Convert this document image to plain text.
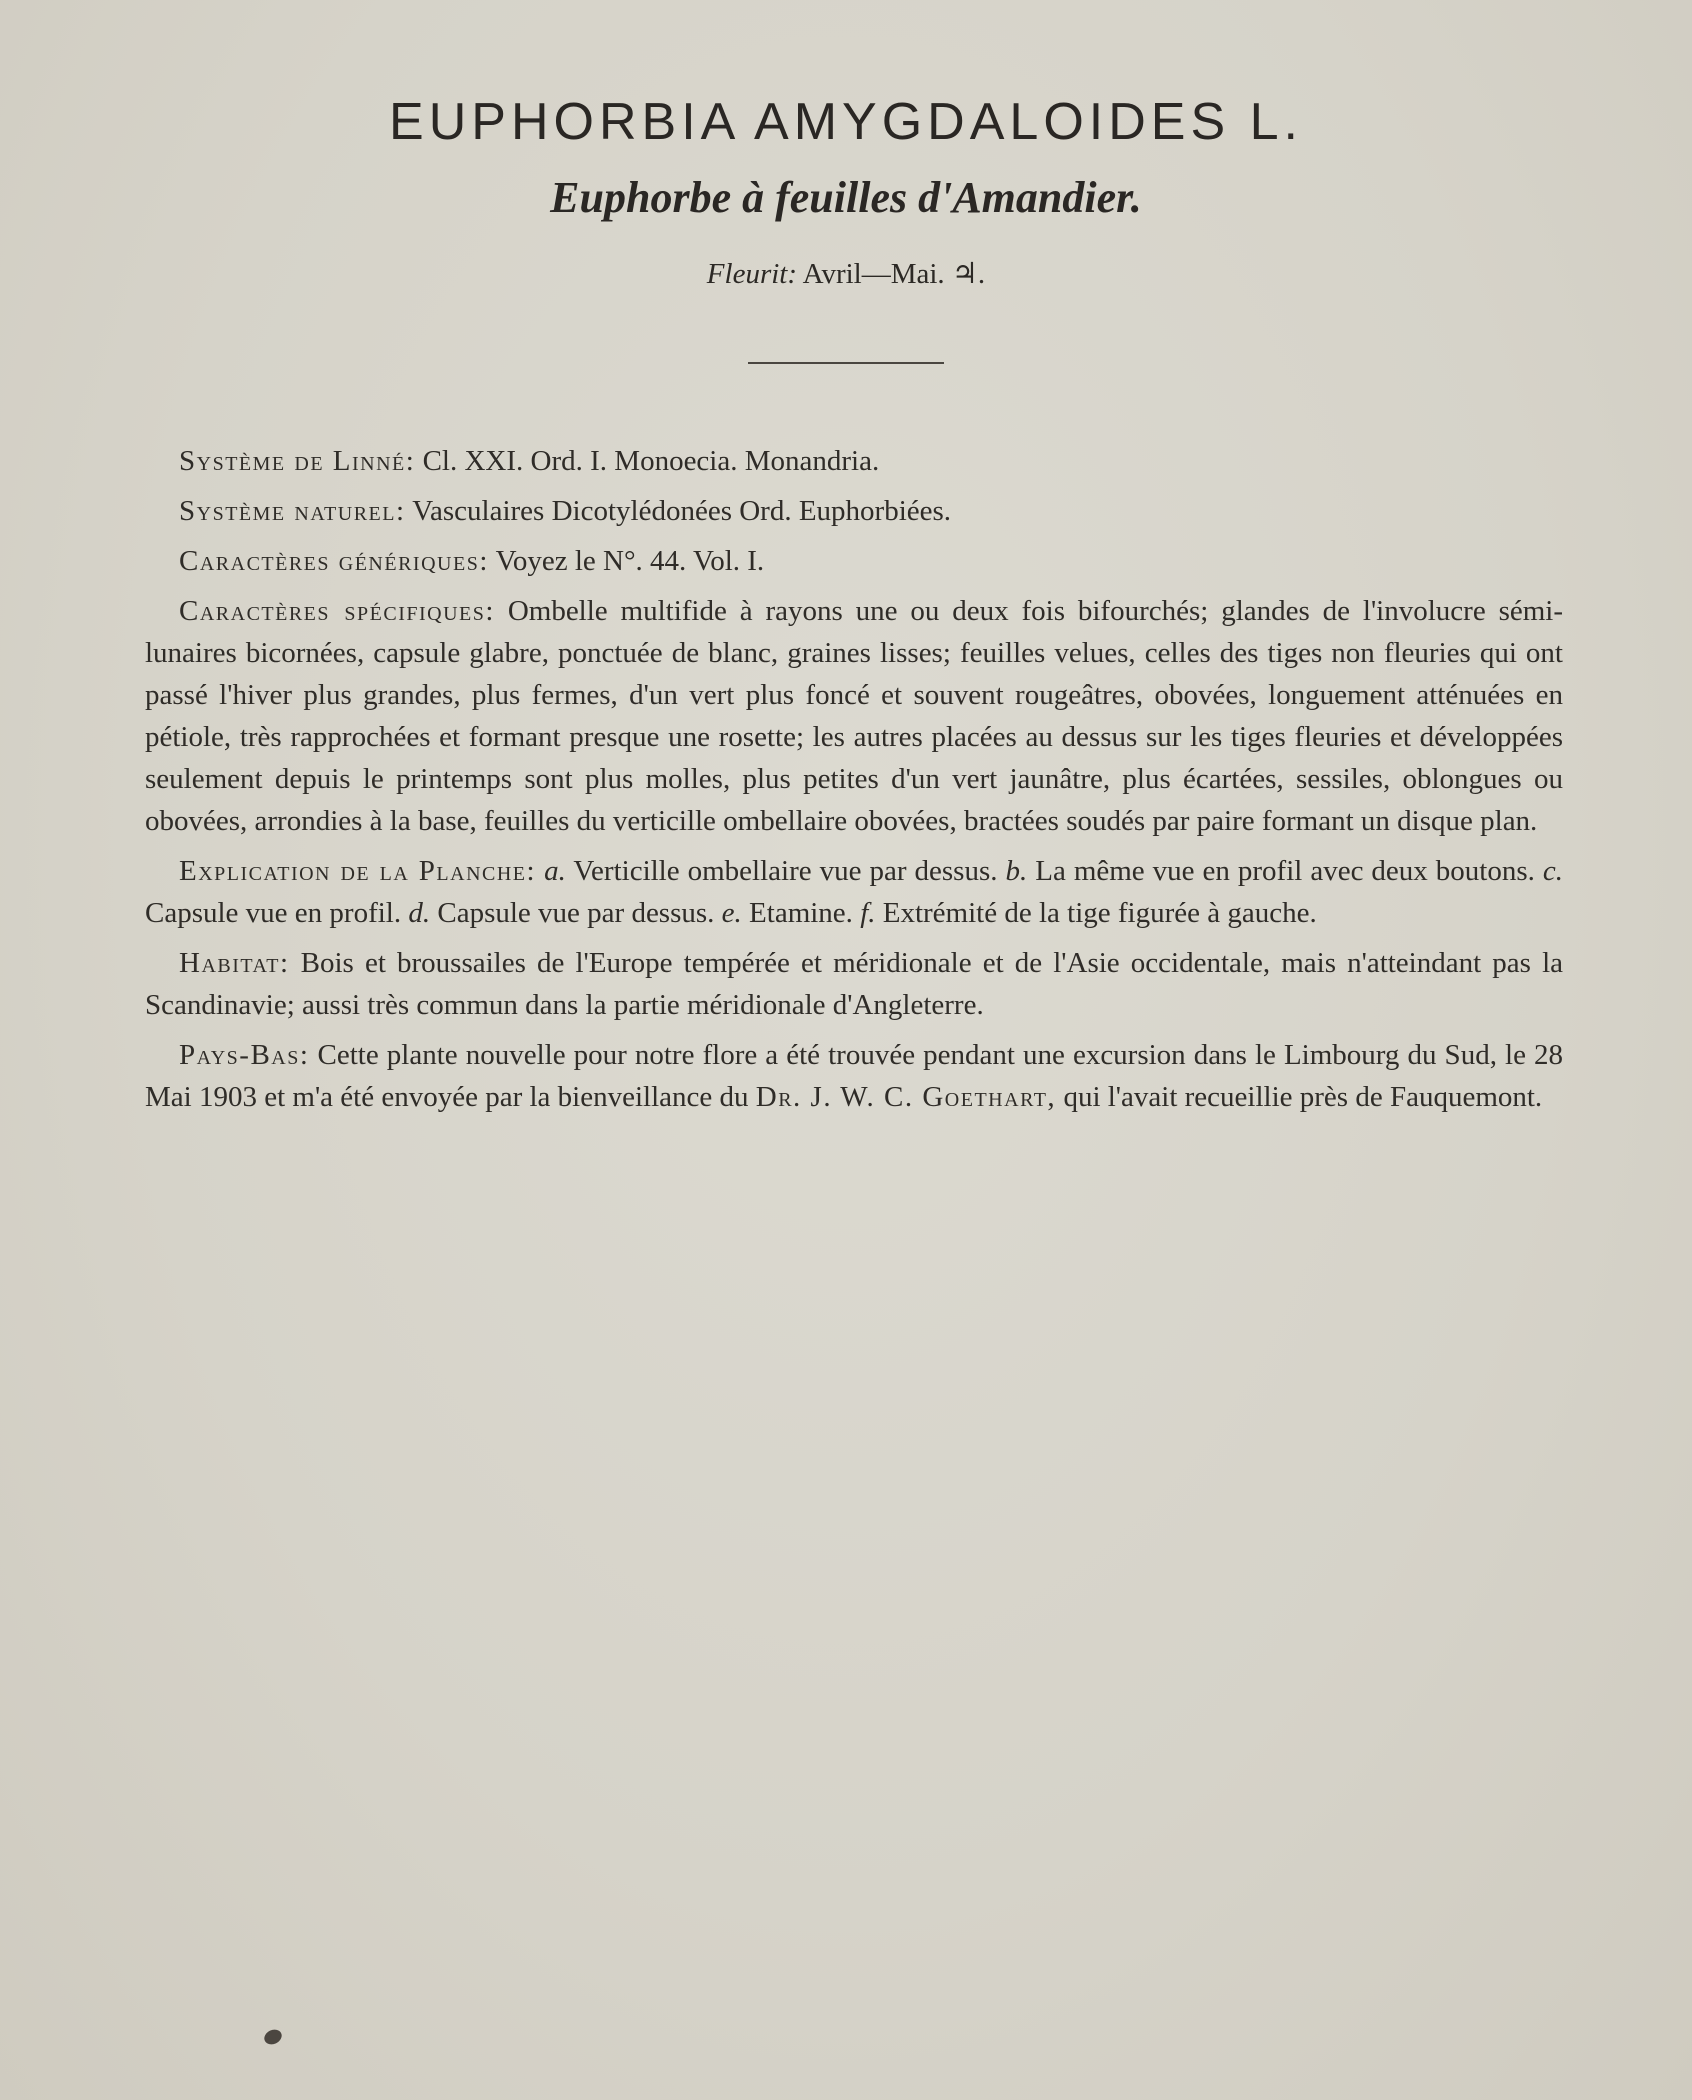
EUPHORBIA AMYGDALOIDES L.
Euphorbe à feuilles d'Amandier.
Fleurit: Avril—Mai. ♃.

Système de Linné: Cl. XXI. Ord. I. Monoecia. Monandria.

Système naturel: Vasculaires Dicotylédonées Ord. Euphorbiées.

Caractères génériques: Voyez le N°. 44. Vol. I.

Caractères spécifiques: Ombelle multifide à rayons une ou deux fois bifourchés; glandes de l'involucre sémi-lunaires bicornées, capsule glabre, ponctuée de blanc, graines lisses; feuilles velues, celles des tiges non fleuries qui ont passé l'hiver plus grandes, plus fermes, d'un vert plus foncé et souvent rougeâtres, obovées, longuement atténuées en pétiole, très rapprochées et formant presque une rosette; les autres placées au dessus sur les tiges fleuries et développées seulement depuis le printemps sont plus molles, plus petites d'un vert jaunâtre, plus écartées, sessiles, oblongues ou obovées, arrondies à la base, feuilles du verticille ombellaire obovées, bractées soudés par paire formant un disque plan.

Explication de la Planche: a. Verticille ombellaire vue par dessus. b. La même vue en profil avec deux boutons. c. Capsule vue en profil. d. Capsule vue par dessus. e. Etamine. f. Extrémité de la tige figurée à gauche.

Habitat: Bois et broussailes de l'Europe tempérée et méridionale et de l'Asie occidentale, mais n'atteindant pas la Scandinavie; aussi très commun dans la partie méridionale d'Angleterre.

Pays-Bas: Cette plante nouvelle pour notre flore a été trouvée pendant une excursion dans le Limbourg du Sud, le 28 Mai 1903 et m'a été envoyée par la bienveillance du Dr. J. W. C. Goethart, qui l'avait recueillie près de Fauquemont.
